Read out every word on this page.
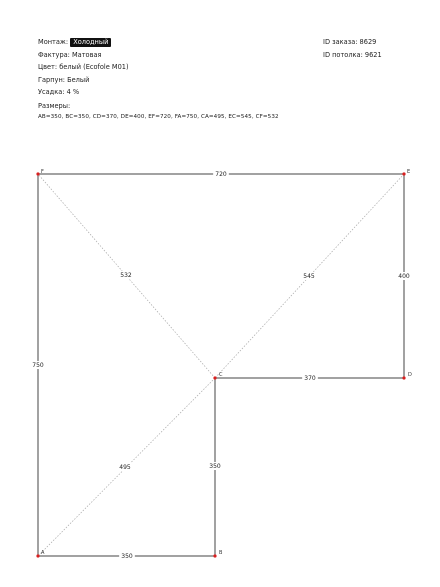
Монтаж: Холодный
Фактура: Матовая
Цвет: белый (Ecofole M01)
Гарпун: Белый
Усадка: 4 %
Размеры:
AB=350, BC=350, CD=370, DE=400, EF=720, FA=750, CA=495, EC=545, CF=532
ID заказа: 8629
ID потолка: 9621
495
545
532
350
350
370
400
720
750
A	B
C	D
E
F
